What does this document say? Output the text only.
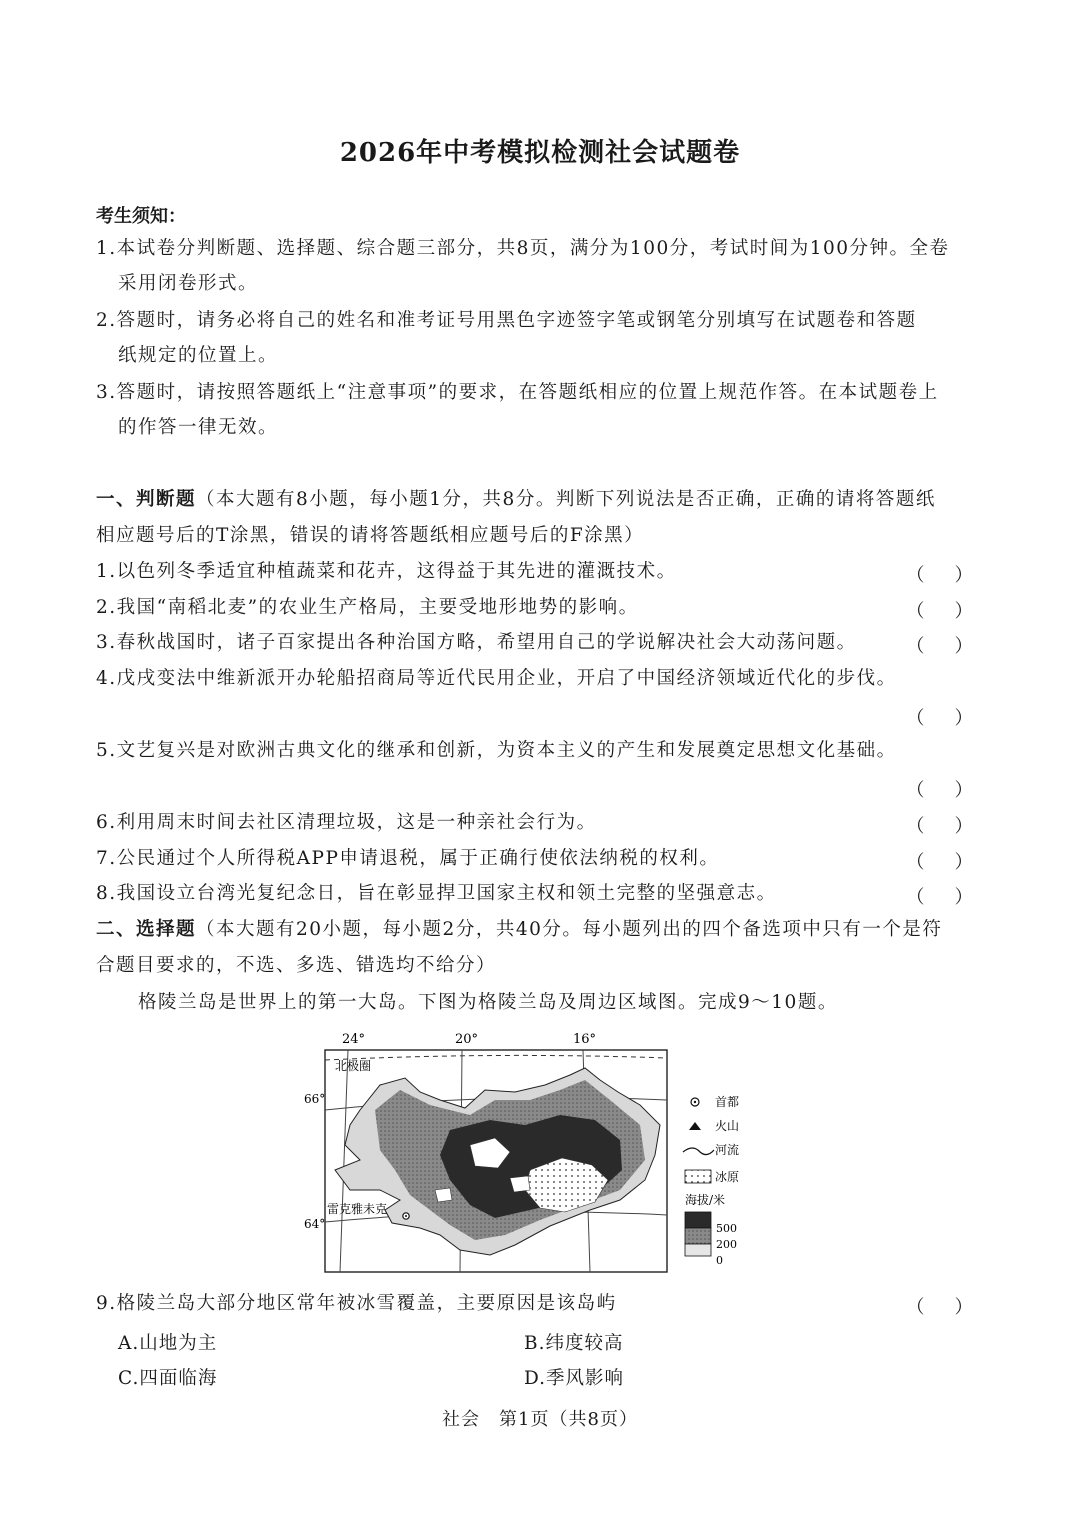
2026年中考模拟检测社会试题卷
考生须知：
1.本试卷分判断题、选择题、综合题三部分，共8页，满分为100分，考试时间为100分钟。全卷
采用闭卷形式。
2.答题时，请务必将自己的姓名和准考证号用黑色字迹签字笔或钢笔分别填写在试题卷和答题
纸规定的位置上。
3.答题时，请按照答题纸上“注意事项”的要求，在答题纸相应的位置上规范作答。在本试题卷上
的作答一律无效。
一、判断题（本大题有8小题，每小题1分，共8分。判断下列说法是否正确，正确的请将答题纸
相应题号后的T涂黑，错误的请将答题纸相应题号后的F涂黑）
1.以色列冬季适宜种植蔬菜和花卉，这得益于其先进的灌溉技术。	（）
2.我国“南稻北麦”的农业生产格局，主要受地形地势的影响。	（）
3.春秋战国时，诸子百家提出各种治国方略，希望用自己的学说解决社会大动荡问题。	（）
4.戊戌变法中维新派开办轮船招商局等近代民用企业，开启了中国经济领域近代化的步伐。
（）
5.文艺复兴是对欧洲古典文化的继承和创新，为资本主义的产生和发展奠定思想文化基础。
（）
6.利用周末时间去社区清理垃圾，这是一种亲社会行为。	（）
7.公民通过个人所得税APP申请退税，属于正确行使依法纳税的权利。	（）
8.我国设立台湾光复纪念日，旨在彰显捍卫国家主权和领土完整的坚强意志。	（）
二、选择题（本大题有20小题，每小题2分，共40分。每小题列出的四个备选项中只有一个是符
合题目要求的，不选、多选、错选均不给分）
格陵兰岛是世界上的第一大岛。下图为格陵兰岛及周边区域图。完成9～10题。
24°	20°	16°
北极圈
66°
64°
雷克雅未克
首都
火山
河流
冰原
海拔/米
500
200
0
9.格陵兰岛大部分地区常年被冰雪覆盖，主要原因是该岛屿	（）
A.山地为主	B.纬度较高
C.四面临海	D.季风影响
社会　第1页（共8页）
